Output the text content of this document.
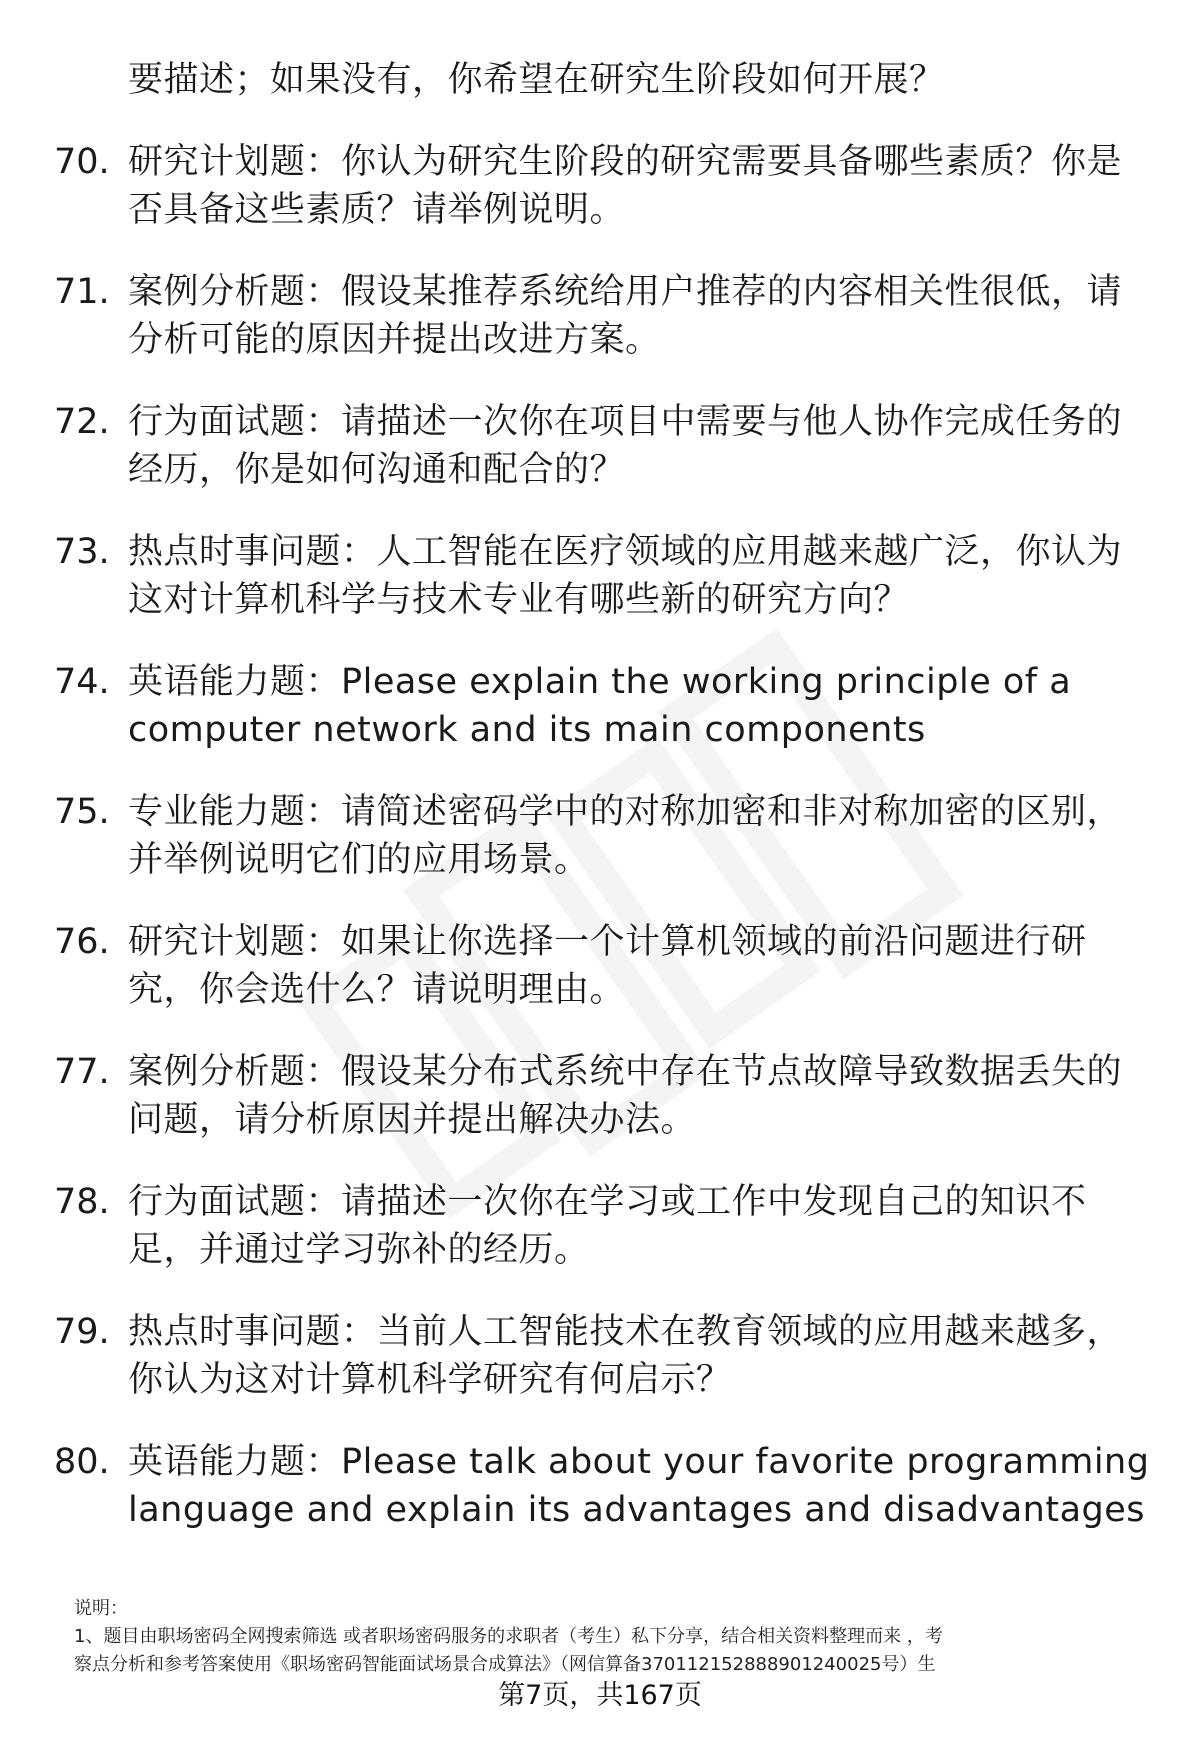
要描述；如果没有，你希望在研究生阶段如何开展？
70. 研究计划题：你认为研究生阶段的研究需要具备哪些素质？你是否具备这些素质？请举例说明。
71. 案例分析题：假设某推荐系统给用户推荐的内容相关性很低，请分析可能的原因并提出改进方案。
72. 行为面试题：请描述一次你在项目中需要与他人协作完成任务的经历，你是如何沟通和配合的？
73. 热点时事问题：人工智能在医疗领域的应用越来越广泛，你认为这对计算机科学与技术专业有哪些新的研究方向？
74. 英语能力题：Please explain the working principle of a computer network and its main components
75. 专业能力题：请简述密码学中的对称加密和非对称加密的区别，并举例说明它们的应用场景。
76. 研究计划题：如果让你选择一个计算机领域的前沿问题进行研究，你会选什么？请说明理由。
77. 案例分析题：假设某分布式系统中存在节点故障导致数据丢失的问题，请分析原因并提出解决办法。
78. 行为面试题：请描述一次你在学习或工作中发现自己的知识不足，并通过学习弥补的经历。
79. 热点时事问题：当前人工智能技术在教育领域的应用越来越多，你认为这对计算机科学研究有何启示？
80. 英语能力题：Please talk about your favorite programming language and explain its advantages and disadvantages
说明：
1、题目由职场密码全网搜索筛选 或者职场密码服务的求职者（考生）私下分享，结合相关资料整理而来 ，考
察点分析和参考答案使用《职场密码智能面试场景合成算法》（网信算备37011215288890124​0025号）生
第7页，共167页
